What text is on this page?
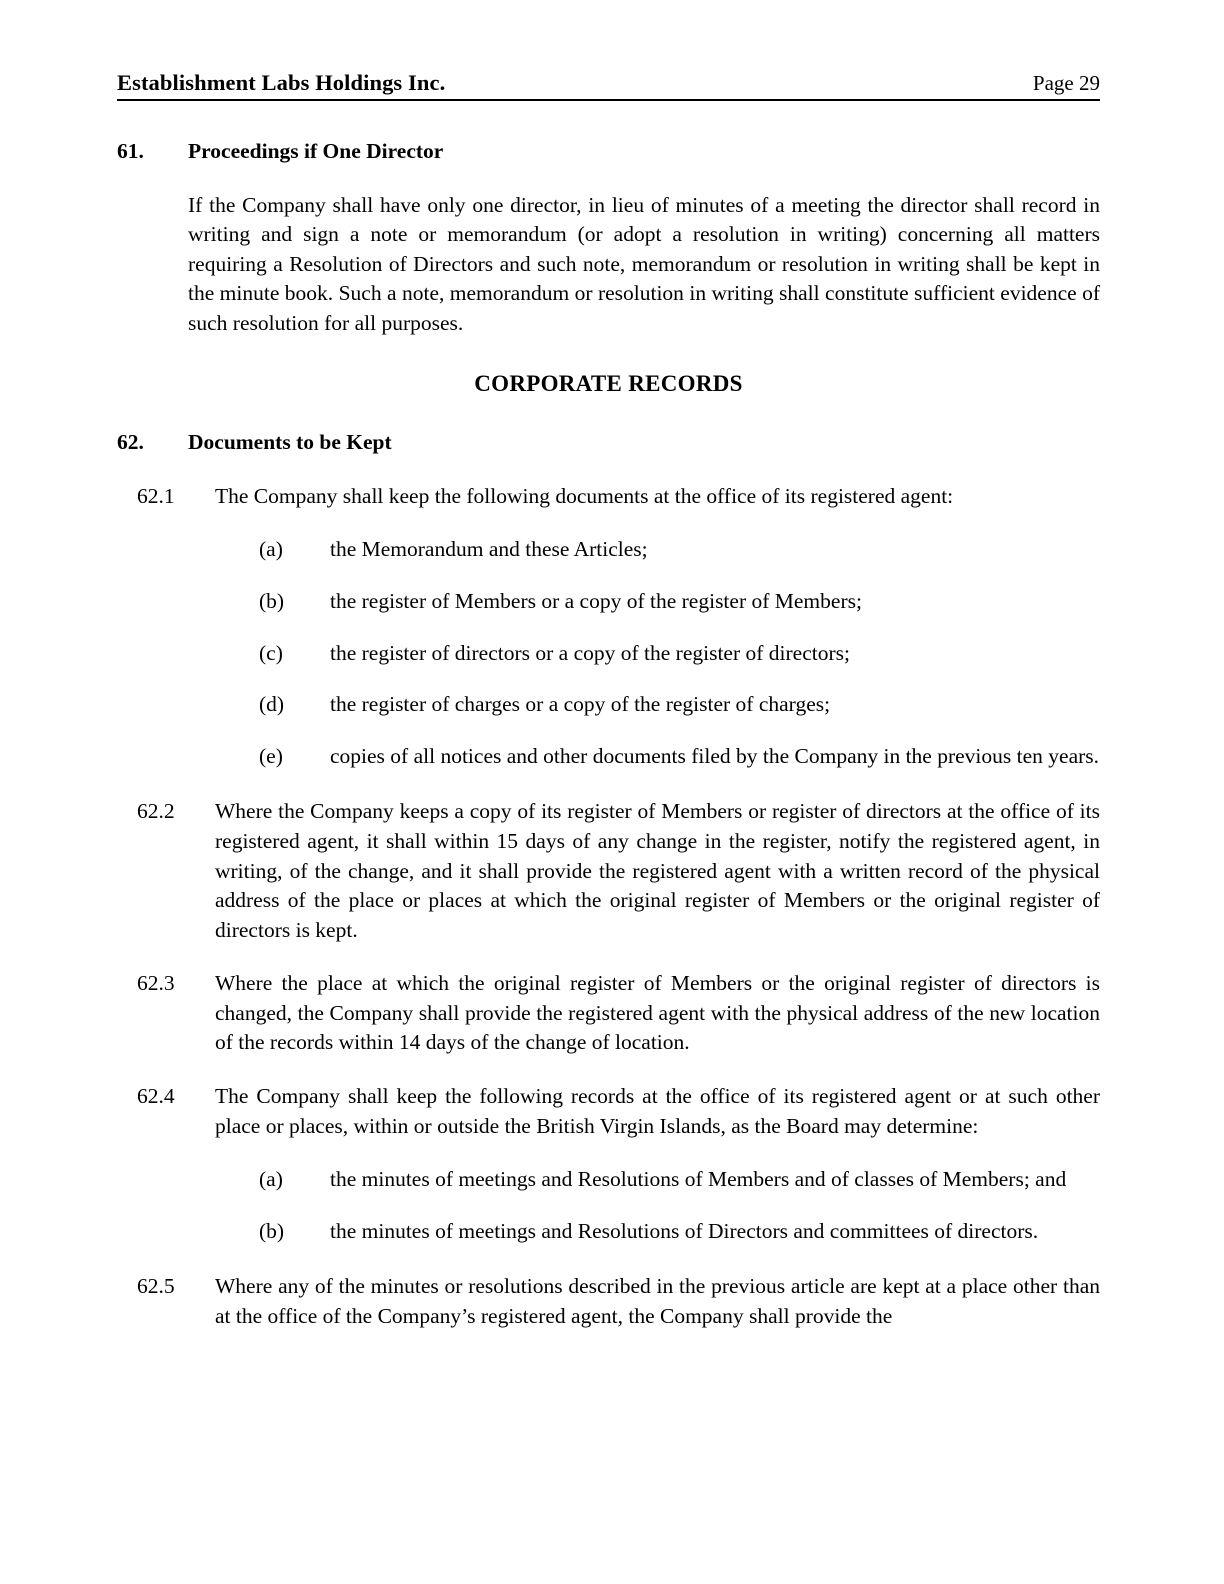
Establishment Labs Holdings Inc.	Page 29
61.	Proceedings if One Director
If the Company shall have only one director, in lieu of minutes of a meeting the director shall record in writing and sign a note or memorandum (or adopt a resolution in writing) concerning all matters requiring a Resolution of Directors and such note, memorandum or resolution in writing shall be kept in the minute book. Such a note, memorandum or resolution in writing shall constitute sufficient evidence of such resolution for all purposes.
CORPORATE RECORDS
62.	Documents to be Kept
62.1	The Company shall keep the following documents at the office of its registered agent:
(a)	the Memorandum and these Articles;
(b)	the register of Members or a copy of the register of Members;
(c)	the register of directors or a copy of the register of directors;
(d)	the register of charges or a copy of the register of charges;
(e)	copies of all notices and other documents filed by the Company in the previous ten years.
62.2	Where the Company keeps a copy of its register of Members or register of directors at the office of its registered agent, it shall within 15 days of any change in the register, notify the registered agent, in writing, of the change, and it shall provide the registered agent with a written record of the physical address of the place or places at which the original register of Members or the original register of directors is kept.
62.3	Where the place at which the original register of Members or the original register of directors is changed, the Company shall provide the registered agent with the physical address of the new location of the records within 14 days of the change of location.
62.4	The Company shall keep the following records at the office of its registered agent or at such other place or places, within or outside the British Virgin Islands, as the Board may determine:
(a)	the minutes of meetings and Resolutions of Members and of classes of Members; and
(b)	the minutes of meetings and Resolutions of Directors and committees of directors.
62.5	Where any of the minutes or resolutions described in the previous article are kept at a place other than at the office of the Company’s registered agent, the Company shall provide the
